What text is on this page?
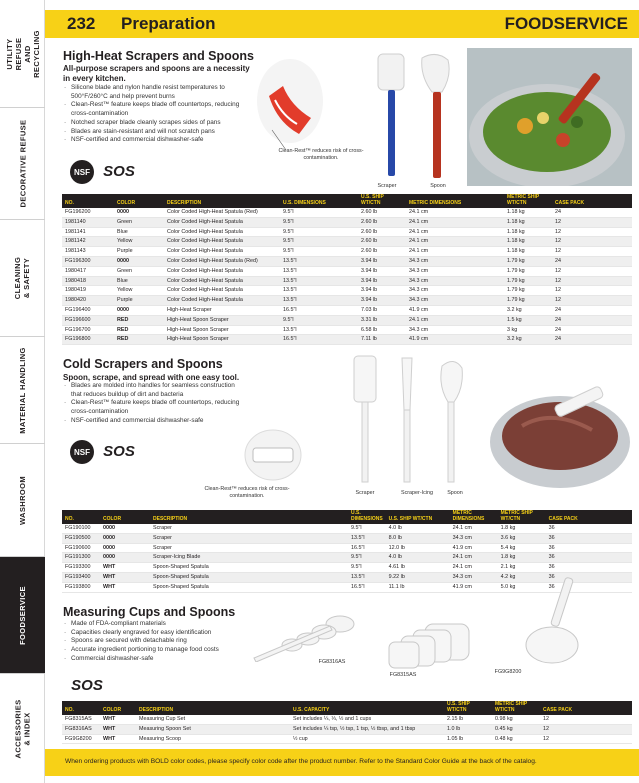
UTILITY REFUSE
AND RECYCLING
DECORATIVE REFUSE
CLEANING
& SAFETY
MATERIAL HANDLING
WASHROOM
FOODSERVICE
ACCESSORIES
& INDEX
232 Preparation	FOODSERVICE
High-Heat Scrapers and Spoons
All-purpose scrapers and spoons are a necessity in every kitchen.
· Silicone blade and nylon handle resist temperatures to 500°F/260°C and help prevent burns
· Clean-Rest™ feature keeps blade off countertops, reducing cross-contamination
· Notched scraper blade cleanly scrapes sides of pans
· Blades are stain-resistant and will not scratch pans
· NSF-certified and commercial dishwasher-safe
NSF SOS
Clean-Rest™ reduces risk of cross-contamination.
Scraper	Spoon
NO.	COLOR	DESCRIPTION	U.S. DIMENSIONS	U.S. SHIP WT/CTN	METRIC DIMENSIONS	METRIC SHIP WT/CTN	CASE PACK
FG196200	0000	Color Coded High-Heat Spatula (Red)	9.5"l	2.60 lb	24.1 cm	1.18 kg	24
1981140	Green	Color Coded High-Heat Spatula	9.5"l	2.60 lb	24.1 cm	1.18 kg	12
1981141	Blue	Color Coded High-Heat Spatula	9.5"l	2.60 lb	24.1 cm	1.18 kg	12
1981142	Yellow	Color Coded High-Heat Spatula	9.5"l	2.60 lb	24.1 cm	1.18 kg	12
1981143	Purple	Color Coded High-Heat Spatula	9.5"l	2.60 lb	24.1 cm	1.18 kg	12
FG196300	0000	Color Coded High-Heat Spatula (Red)	13.5"l	3.94 lb	34.3 cm	1.79 kg	24
1980417	Green	Color Coded High-Heat Spatula	13.5"l	3.94 lb	34.3 cm	1.79 kg	12
1980418	Blue	Color Coded High-Heat Spatula	13.5"l	3.94 lb	34.3 cm	1.79 kg	12
1980419	Yellow	Color Coded High-Heat Spatula	13.5"l	3.94 lb	34.3 cm	1.79 kg	12
1980420	Purple	Color Coded High-Heat Spatula	13.5"l	3.94 lb	34.3 cm	1.79 kg	12
FG196400	0000	High-Heat Scraper	16.5"l	7.03 lb	41.9 cm	3.2 kg	24
FG196600	RED	High-Heat Spoon Scraper	9.5"l	3.31 lb	24.1 cm	1.5 kg	24
FG196700	RED	High-Heat Spoon Scraper	13.5"l	6.58 lb	34.3 cm	3 kg	24
FG196800	RED	High-Heat Spoon Scraper	16.5"l	7.11 lb	41.9 cm	3.2 kg	24
Cold Scrapers and Spoons
Spoon, scrape, and spread with one easy tool.
· Blades are molded into handles for seamless construction that reduces buildup of dirt and bacteria
· Clean-Rest™ feature keeps blade off countertops, reducing cross-contamination
· NSF-certified and commercial dishwasher-safe
NSF SOS
Clean-Rest™ reduces risk of cross-contamination.	Scraper	Scraper-Icing	Spoon
NO.	COLOR	DESCRIPTION	U.S. DIMENSIONS	U.S. SHIP WT/CTN	METRIC DIMENSIONS	METRIC SHIP WT/CTN	CASE PACK
FG190100	0000	Scraper	9.5"l	4.0 lb	24.1 cm	1.8 kg	36
FG190500	0000	Scraper	13.5"l	8.0 lb	34.3 cm	3.6 kg	36
FG190600	0000	Scraper	16.5"l	12.0 lb	41.9 cm	5.4 kg	36
FG191300	0000	Scraper-Icing Blade	9.5"l	4.0 lb	24.1 cm	1.8 kg	36
FG193300	WHT	Spoon-Shaped Spatula	9.5"l	4.61 lb	24.1 cm	2.1 kg	36
FG193400	WHT	Spoon-Shaped Spatula	13.5"l	9.22 lb	34.3 cm	4.2 kg	36
FG193800	WHT	Spoon-Shaped Spatula	16.5"l	11.1 lb	41.9 cm	5.0 kg	36
Measuring Cups and Spoons
· Made of FDA-compliant materials
· Capacities clearly engraved for easy identification
· Spoons are secured with detachable ring
· Accurate ingredient portioning to manage food costs
· Commercial dishwasher-safe
SOS
FG8316AS
FG8315AS	FG9G8200
NO.	COLOR	DESCRIPTION	U.S. CAPACITY	U.S. SHIP WT/CTN	METRIC SHIP WT/CTN	CASE PACK
FG8315AS	WHT	Measuring Cup Set	Set includes ¼, ⅓, ½ and 1 cups	2.15 lb	0.98 kg	12
FG8316AS	WHT	Measuring Spoon Set	Set includes ¼ tsp, ½ tsp, 1 tsp, ½ tbsp, and 1 tbsp	1.0 lb	0.45 kg	12
FG9G8200	WHT	Measuring Scoop	½ cup	1.05 lb	0.48 kg	12
When ordering products with BOLD color codes, please specify color code after the product number. Refer to the Standard Color Guide at the back of the catalog.
